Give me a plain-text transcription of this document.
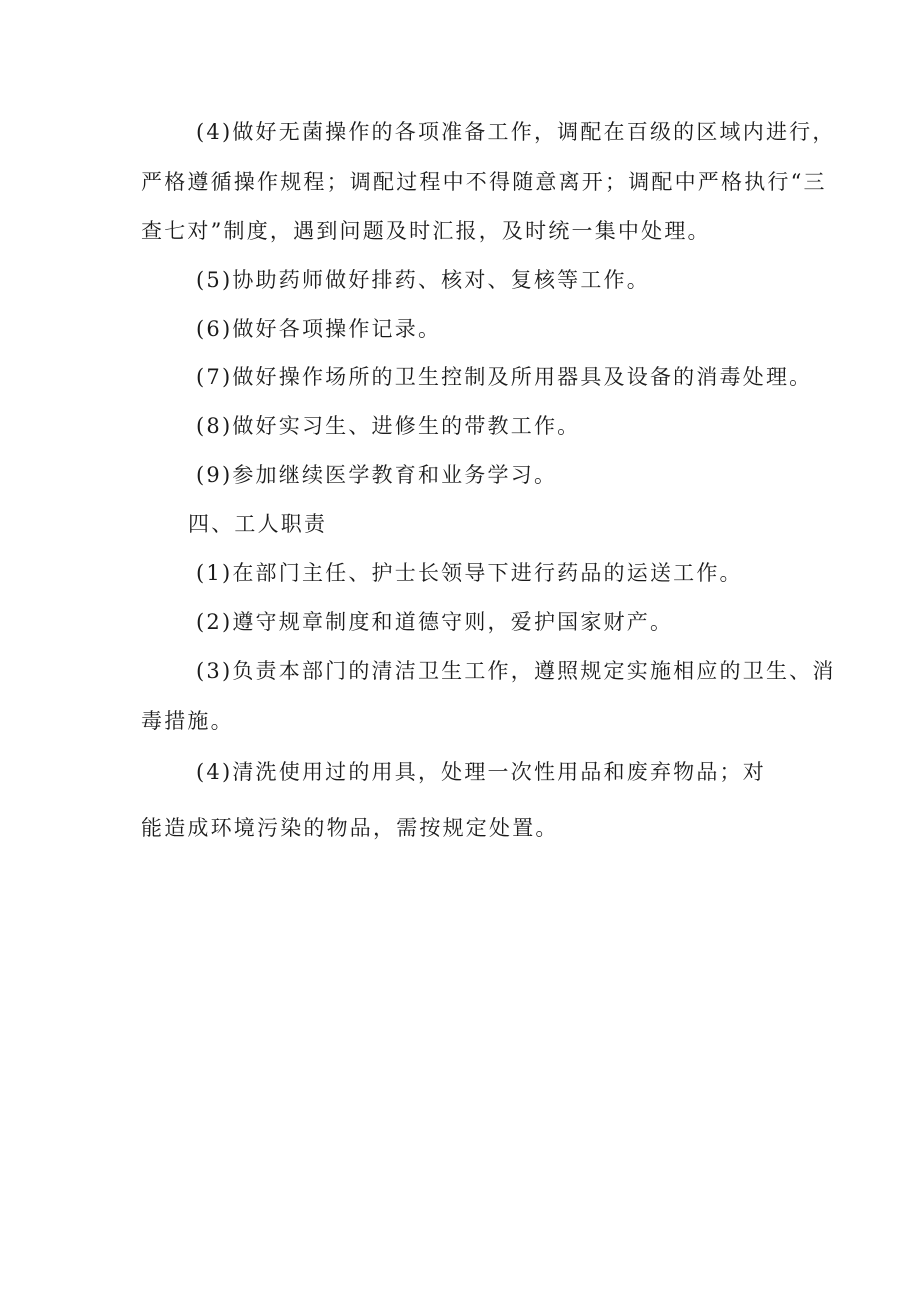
(4)做好无菌操作的各项准备工作，调配在百级的区域内进行，
严格遵循操作规程；调配过程中不得随意离开；调配中严格执行“三
查七对”制度，遇到问题及时汇报，及时统一集中处理。
(5)协助药师做好排药、核对、复核等工作。
(6)做好各项操作记录。
(7)做好操作场所的卫生控制及所用器具及设备的消毒处理。
(8)做好实习生、进修生的带教工作。
(9)参加继续医学教育和业务学习。
四、工人职责
(1)在部门主任、护士长领导下进行药品的运送工作。
(2)遵守规章制度和道德守则，爱护国家财产。
(3)负责本部门的清洁卫生工作，遵照规定实施相应的卫生、消
毒措施。
(4)清洗使用过的用具，处理一次性用品和废弃物品；对
能造成环境污染的物品，需按规定处置。
